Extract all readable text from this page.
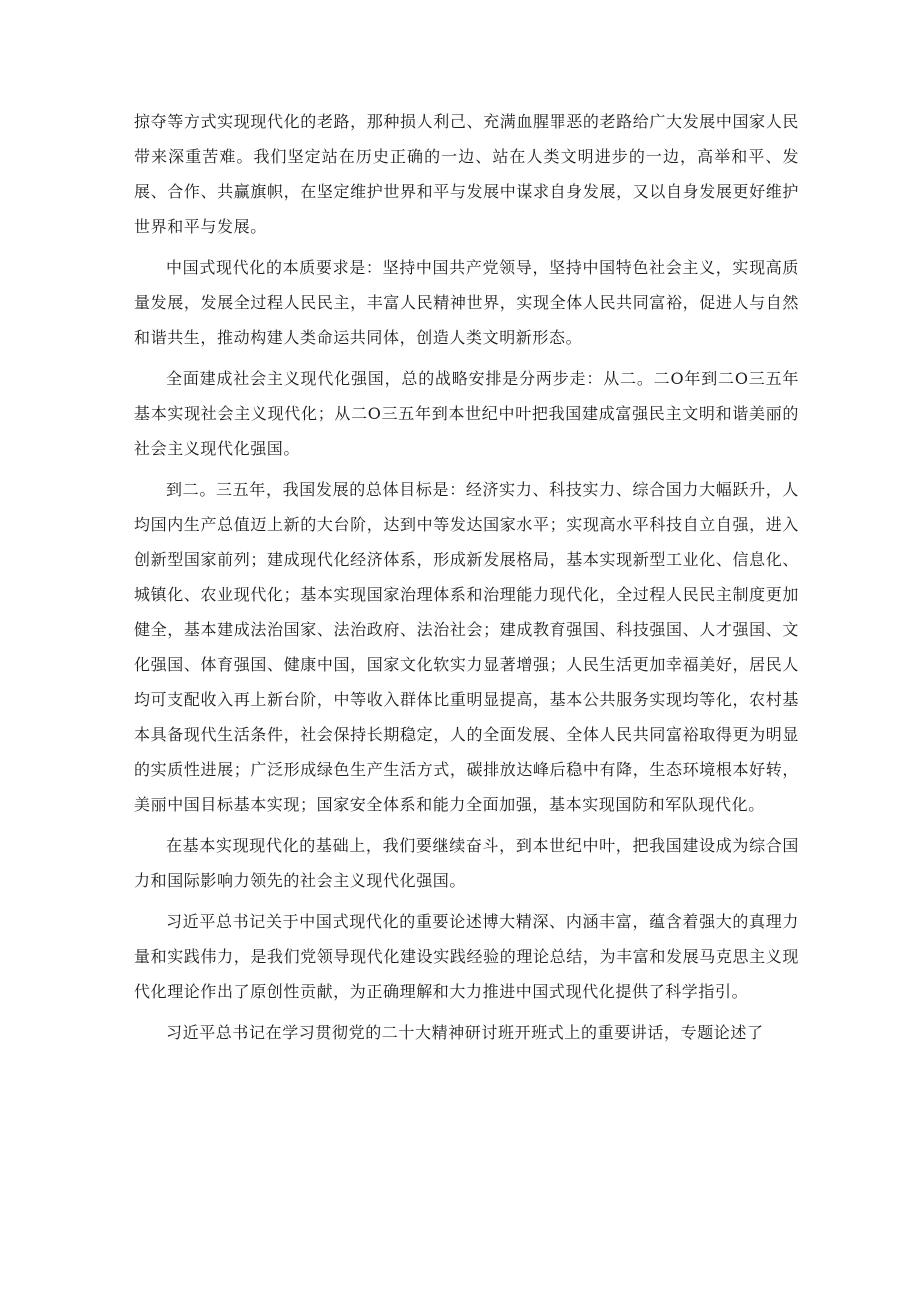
掠夺等方式实现现代化的老路，那种损人利己、充满血腥罪恶的老路给广大发展中国家人民带来深重苦难。我们坚定站在历史正确的一边、站在人类文明进步的一边，高举和平、发展、合作、共赢旗帜，在坚定维护世界和平与发展中谋求自身发展，又以自身发展更好维护世界和平与发展。

中国式现代化的本质要求是：坚持中国共产党领导，坚持中国特色社会主义，实现高质量发展，发展全过程人民民主，丰富人民精神世界，实现全体人民共同富裕，促进人与自然和谐共生，推动构建人类命运共同体，创造人类文明新形态。

全面建成社会主义现代化强国，总的战略安排是分两步走：从二。二O年到二O三五年基本实现社会主义现代化；从二O三五年到本世纪中叶把我国建成富强民主文明和谐美丽的社会主义现代化强国。

到二。三五年，我国发展的总体目标是：经济实力、科技实力、综合国力大幅跃升，人均国内生产总值迈上新的大台阶，达到中等发达国家水平；实现高水平科技自立自强，进入创新型国家前列；建成现代化经济体系，形成新发展格局，基本实现新型工业化、信息化、城镇化、农业现代化；基本实现国家治理体系和治理能力现代化，全过程人民民主制度更加健全，基本建成法治国家、法治政府、法治社会；建成教育强国、科技强国、人才强国、文化强国、体育强国、健康中国，国家文化软实力显著增强；人民生活更加幸福美好，居民人均可支配收入再上新台阶，中等收入群体比重明显提高，基本公共服务实现均等化，农村基本具备现代生活条件，社会保持长期稳定，人的全面发展、全体人民共同富裕取得更为明显的实质性进展；广泛形成绿色生产生活方式，碳排放达峰后稳中有降，生态环境根本好转，美丽中国目标基本实现；国家安全体系和能力全面加强，基本实现国防和军队现代化。

在基本实现现代化的基础上，我们要继续奋斗，到本世纪中叶，把我国建设成为综合国力和国际影响力领先的社会主义现代化强国。

习近平总书记关于中国式现代化的重要论述博大精深、内涵丰富，蕴含着强大的真理力量和实践伟力，是我们党领导现代化建设实践经验的理论总结，为丰富和发展马克思主义现代化理论作出了原创性贡献，为正确理解和大力推进中国式现代化提供了科学指引。

习近平总书记在学习贯彻党的二十大精神研讨班开班式上的重要讲话，专题论述了
